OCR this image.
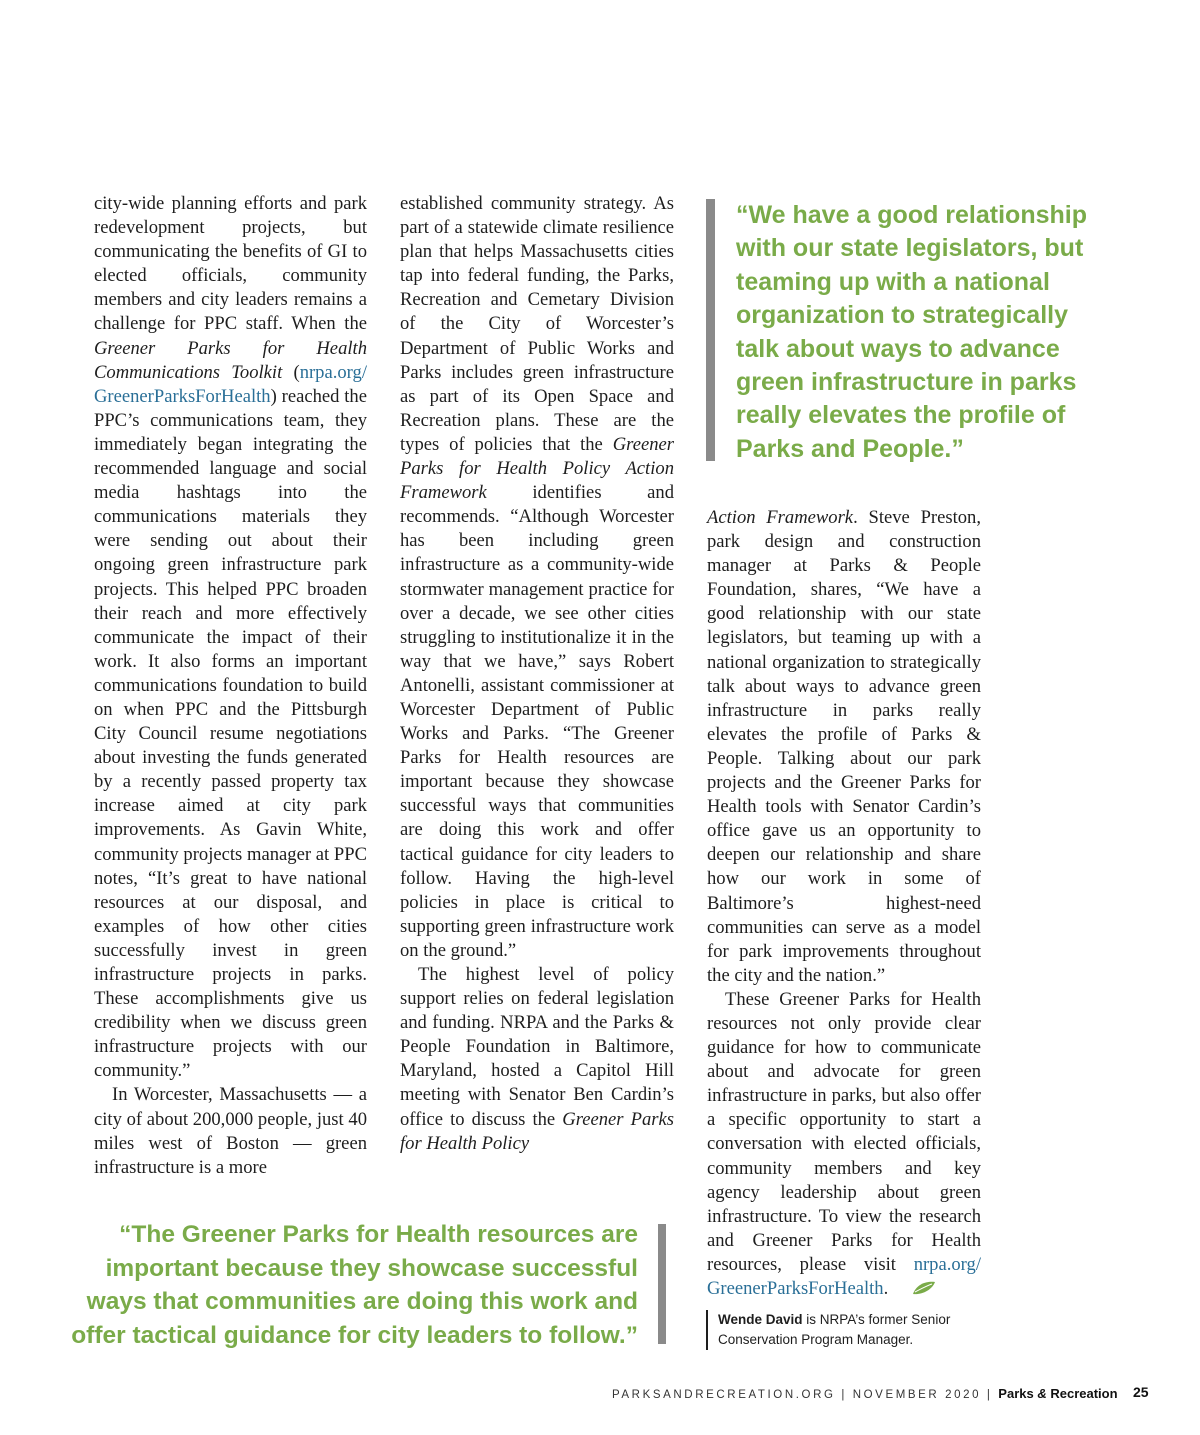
city-wide planning efforts and park redevelopment projects, but communicating the benefits of GI to elected officials, community members and city leaders remains a challenge for PPC staff. When the Greener Parks for Health Communications Toolkit (nrpa.org/ GreenerParksForHealth) reached the PPC’s communications team, they immediately began integrating the recommended language and social media hashtags into the communications materials they were sending out about their ongoing green infrastructure park projects. This helped PPC broaden their reach and more effectively communicate the impact of their work. It also forms an important communications foundation to build on when PPC and the Pittsburgh City Council resume negotiations about investing the funds generated by a recently passed property tax increase aimed at city park improvements. As Gavin White, community projects manager at PPC notes, “It’s great to have national resources at our disposal, and examples of how other cities successfully invest in green infrastructure projects in parks. These accomplishments give us credibility when we discuss green infrastructure projects with our community.”

In Worcester, Massachusetts — a city of about 200,000 people, just 40 miles west of Boston — green infrastructure is a more

established community strategy. As part of a statewide climate resilience plan that helps Massachusetts cities tap into federal funding, the Parks, Recreation and Cemetary Division of the City of Worcester’s Department of Public Works and Parks includes green infrastructure as part of its Open Space and Recreation plans. These are the types of policies that the Greener Parks for Health Policy Action Framework identifies and recommends. “Although Worcester has been including green infrastructure as a community-wide stormwater management practice for over a decade, we see other cities struggling to institutionalize it in the way that we have,” says Robert Antonelli, assistant commissioner at Worcester Department of Public Works and Parks. “The Greener Parks for Health resources are important because they showcase successful ways that communities are doing this work and offer tactical guidance for city leaders to follow. Having the high-level policies in place is critical to supporting green infrastructure work on the ground.”

The highest level of policy support relies on federal legislation and funding. NRPA and the Parks & People Foundation in Baltimore, Maryland, hosted a Capitol Hill meeting with Senator Ben Cardin’s office to discuss the Greener Parks for Health Policy

“We have a good relationship with our state legislators, but teaming up with a national organization to strategically talk about ways to advance green infrastructure in parks really elevates the profile of Parks and People.”

Action Framework. Steve Preston, park design and construction manager at Parks & People Foundation, shares, “We have a good relationship with our state legislators, but teaming up with a national organization to strategically talk about ways to advance green infrastructure in parks really elevates the profile of Parks & People. Talking about our park projects and the Greener Parks for Health tools with Senator Cardin’s office gave us an opportunity to deepen our relationship and share how our work in some of Baltimore’s highest-need communities can serve as a model for park improvements throughout the city and the nation.”

These Greener Parks for Health resources not only provide clear guidance for how to communicate about and advocate for green infrastructure in parks, but also offer a specific opportunity to start a conversation with elected officials, community members and key agency leadership about green infrastructure. To view the research and Greener Parks for Health resources, please visit nrpa.org/ GreenerParksForHealth.

“The Greener Parks for Health resources are important because they showcase successful ways that communities are doing this work and offer tactical guidance for city leaders to follow.”
Wende David is NRPA’s former Senior Conservation Program Manager.
PARKSANDRECREATION.ORG | NOVEMBER 2020 | Parks & Recreation	25
